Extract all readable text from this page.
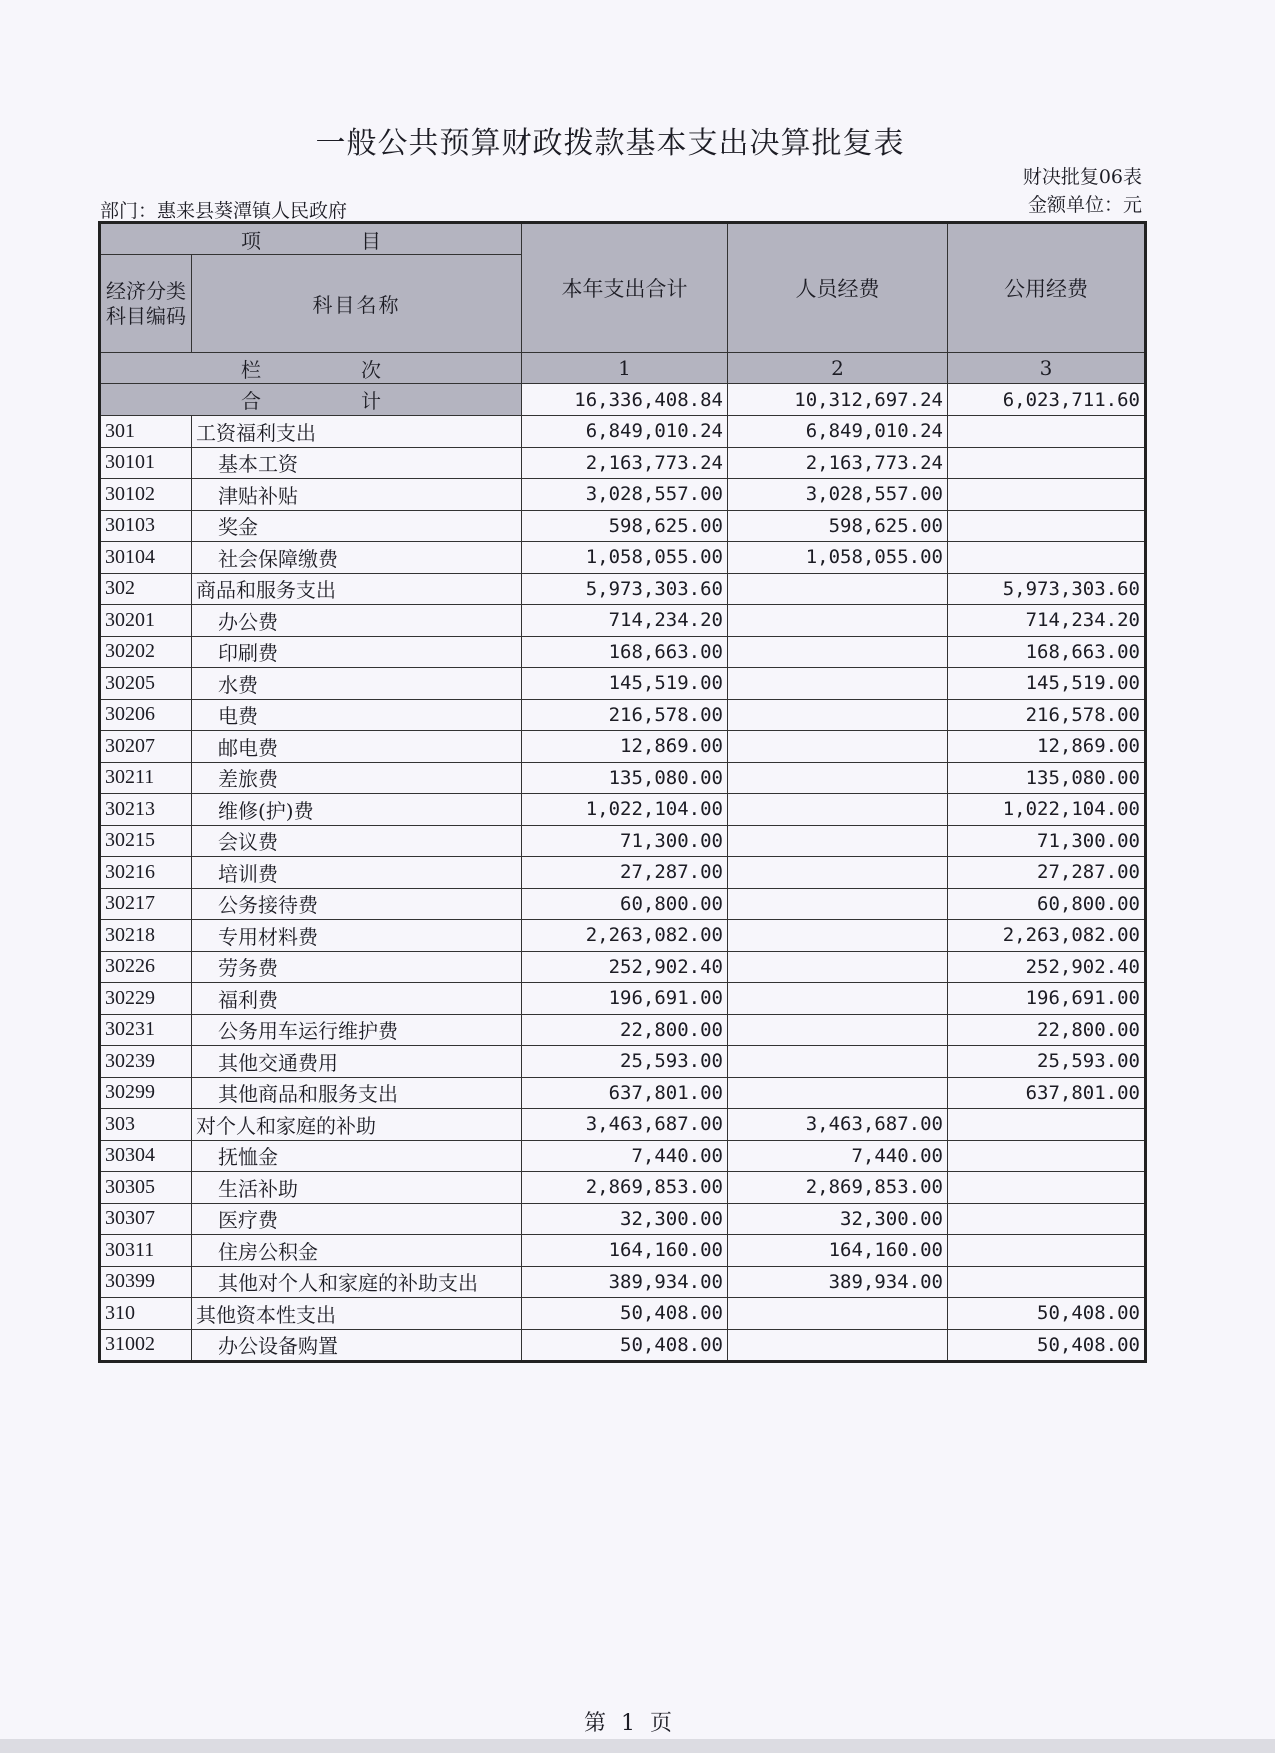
一般公共预算财政拨款基本支出决算批复表
财决批复06表
部门：惠来县葵潭镇人民政府	金额单位：元
项　目		本年支出合计	人员经费	公用经费
经济分类科目编码	科目名称			
栏　次		1	2	3
合　计		16,336,408.84	10,312,697.24	6,023,711.60
301	工资福利支出	6,849,010.24	6,849,010.24	
30101	基本工资	2,163,773.24	2,163,773.24	
30102	津贴补贴	3,028,557.00	3,028,557.00	
30103	奖金	598,625.00	598,625.00	
30104	社会保障缴费	1,058,055.00	1,058,055.00	
302	商品和服务支出	5,973,303.60		5,973,303.60
30201	办公费	714,234.20		714,234.20
30202	印刷费	168,663.00		168,663.00
30205	水费	145,519.00		145,519.00
30206	电费	216,578.00		216,578.00
30207	邮电费	12,869.00		12,869.00
30211	差旅费	135,080.00		135,080.00
30213	维修(护)费	1,022,104.00		1,022,104.00
30215	会议费	71,300.00		71,300.00
30216	培训费	27,287.00		27,287.00
30217	公务接待费	60,800.00		60,800.00
30218	专用材料费	2,263,082.00		2,263,082.00
30226	劳务费	252,902.40		252,902.40
30229	福利费	196,691.00		196,691.00
30231	公务用车运行维护费	22,800.00		22,800.00
30239	其他交通费用	25,593.00		25,593.00
30299	其他商品和服务支出	637,801.00		637,801.00
303	对个人和家庭的补助	3,463,687.00	3,463,687.00	
30304	抚恤金	7,440.00	7,440.00	
30305	生活补助	2,869,853.00	2,869,853.00	
30307	医疗费	32,300.00	32,300.00	
30311	住房公积金	164,160.00	164,160.00	
30399	其他对个人和家庭的补助支出	389,934.00	389,934.00	
310	其他资本性支出	50,408.00		50,408.00
31002	办公设备购置	50,408.00		50,408.00
第 1 页
